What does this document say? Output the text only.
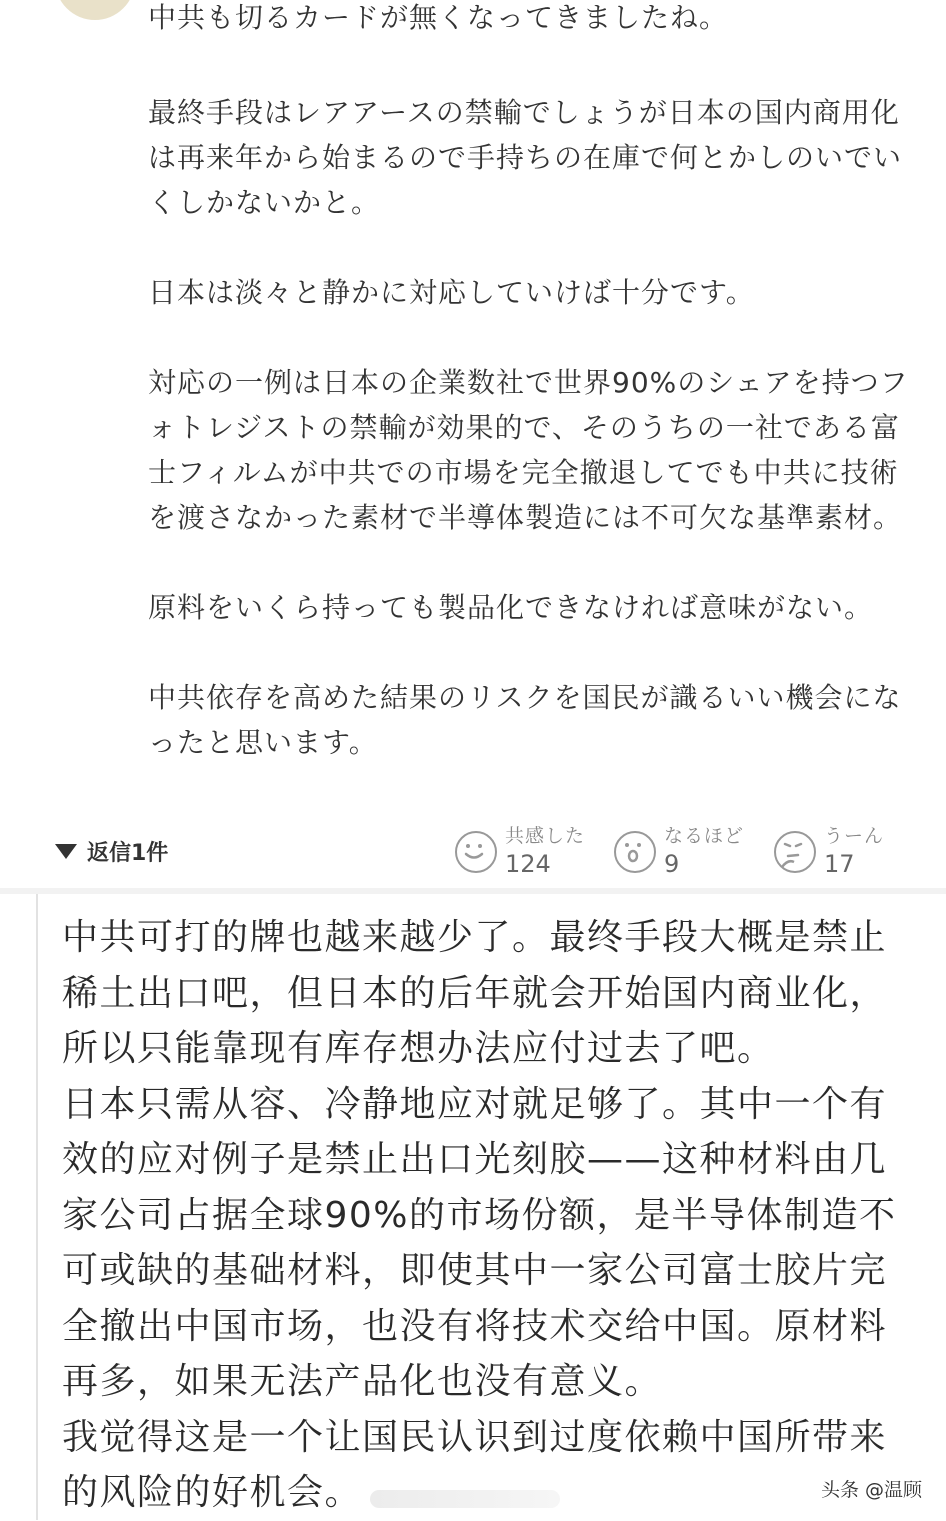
中共も切るカードが無くなってきましたね。

最終手段はレアアースの禁輸でしょうが日本の国内商用化は再来年から始まるので手持ちの在庫で何とかしのいでいくしかないかと。

日本は淡々と静かに対応していけば十分です。

対応の一例は日本の企業数社で世界90%のシェアを持つフォトレジストの禁輸が効果的で、そのうちの一社である富士フィルムが中共での市場を完全撤退してでも中共に技術を渡さなかった素材で半導体製造には不可欠な基準素材。

原料をいくら持っても製品化できなければ意味がない。

中共依存を高めた結果のリスクを国民が識るいい機会になったと思います。

返信1件
共感した
124
なるほど
9
うーん
17

中共可打的牌也越来越少了。最终手段大概是禁止稀土出口吧，但日本的后年就会开始国内商业化，所以只能靠现有库存想办法应付过去了吧。

日本只需从容、冷静地应对就足够了。其中一个有效的应对例子是禁止出口光刻胶——这种材料由几家公司占据全球90%的市场份额，是半导体制造不可或缺的基础材料，即使其中一家公司富士胶片完全撤出中国市场，也没有将技术交给中国。原材料再多，如果无法产品化也没有意义。

我觉得这是一个让国民认识到过度依赖中国所带来的风险的好机会。	头条 @温顾
